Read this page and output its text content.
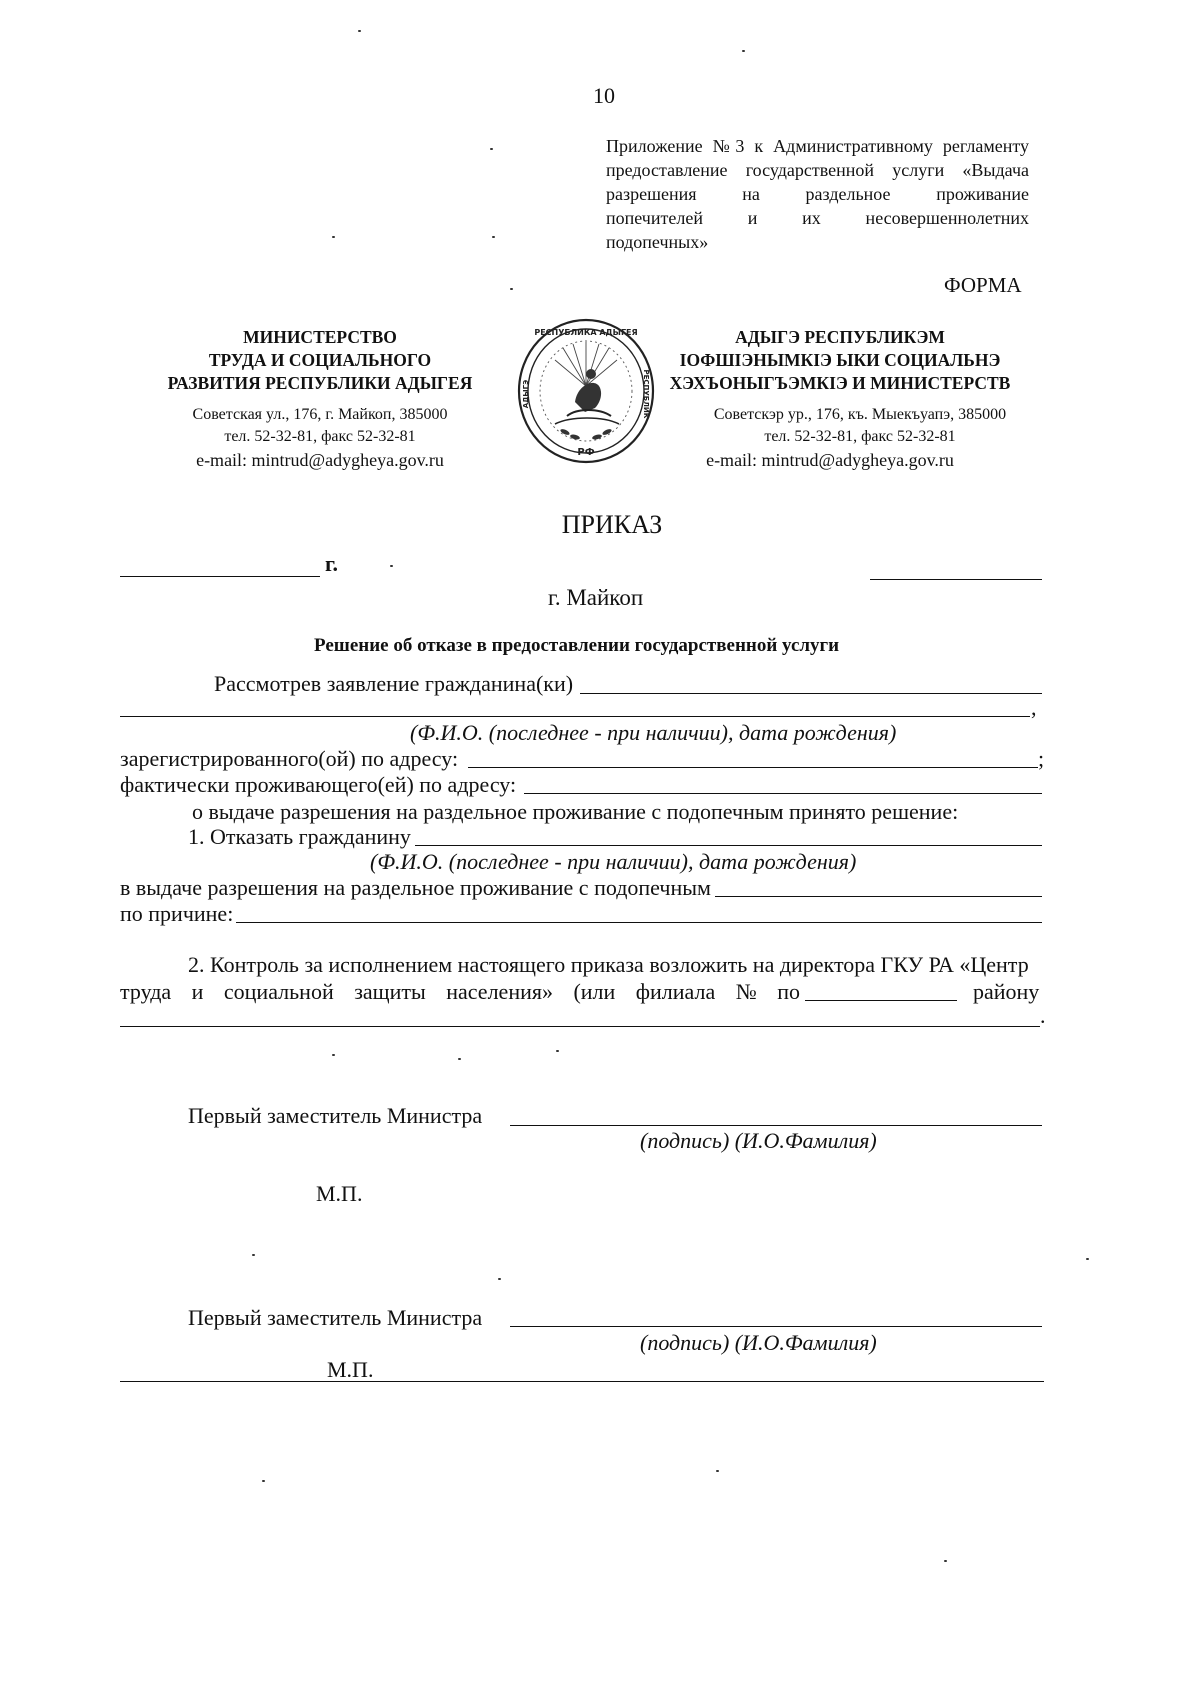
10
Приложение №3 к Административному регламенту
предоставление государственной услуги «Выдача
разрешения на раздельное проживание
попечителей и их несовершеннолетних
подопечных»
ФОРМА
МИНИСТЕРСТВО
ТРУДА И СОЦИАЛЬНОГО
РАЗВИТИЯ РЕСПУБЛИКИ АДЫГЕЯ
Советская ул., 176, г. Майкоп, 385000
тел. 52-32-81, факс 52-32-81
e-mail: mintrud@adygheya.gov.ru
РЕСПУБЛИКА АДЫГЕЯ
АДЫГЭ	РЕСПУБЛИК
РФ
АДЫГЭ РЕСПУБЛИКЭМ
IОФШIЭНЫМКIЭ ЫКИ СОЦИАЛЬНЭ
ХЭХЪОНЫГЪЭМКIЭ И МИНИСТЕРСТВ
Советскэр ур., 176, къ. Мыекъуапэ, 385000
тел. 52-32-81, факс 52-32-81
e-mail: mintrud@adygheya.gov.ru
ПРИКАЗ
г.
г. Майкоп
Решение об отказе в предоставлении государственной услуги
Рассмотрев заявление гражданина(ки)
,
(Ф.И.О. (последнее - при наличии), дата рождения)
зарегистрированного(ой) по адресу:	;
фактически проживающего(ей) по адресу:
о выдаче разрешения на раздельное проживание с подопечным принято решение:
1. Отказать гражданину
(Ф.И.О. (последнее - при наличии), дата рождения)
в выдаче разрешения на раздельное проживание с подопечным
по причине:
2. Контроль за исполнением настоящего приказа возложить на директора ГКУ РА «Центр
труда и социальной защиты населения» (или филиала № по	району
.
Первый заместитель Министра
(подпись) (И.О.Фамилия)
М.П.
Первый заместитель Министра
(подпись) (И.О.Фамилия)
М.П.
